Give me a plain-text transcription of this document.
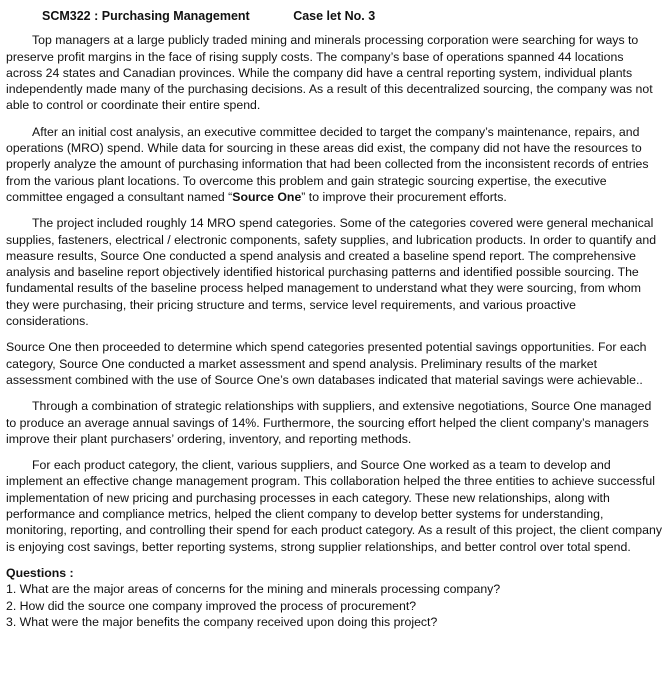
SCM322 : Purchasing Management	Case let No. 3

Top managers at a large publicly traded mining and minerals processing corporation were searching for ways to preserve profit margins in the face of rising supply costs. The company’s base of operations spanned 44 locations across 24 states and Canadian provinces. While the company did have a central reporting system, individual plants independently made many of the purchasing decisions. As a result of this decentralized sourcing, the company was not able to control or coordinate their entire spend.

After an initial cost analysis, an executive committee decided to target the company’s maintenance, repairs, and operations (MRO) spend. While data for sourcing in these areas did exist, the company did not have the resources to properly analyze the amount of purchasing information that had been collected from the inconsistent records of entries from the various plant locations. To overcome this problem and gain strategic sourcing expertise, the executive committee engaged a consultant named “Source One” to improve their procurement efforts.

The project included roughly 14 MRO spend categories. Some of the categories covered were general mechanical supplies, fasteners, electrical / electronic components, safety supplies, and lubrication products. In order to quantify and measure results, Source One conducted a spend analysis and created a baseline spend report. The comprehensive analysis and baseline report objectively identified historical purchasing patterns and identified possible sourcing. The fundamental results of the baseline process helped management to understand what they were sourcing, from whom they were purchasing, their pricing structure and terms, service level requirements, and various proactive considerations.

Source One then proceeded to determine which spend categories presented potential savings opportunities. For each category, Source One conducted a market assessment and spend analysis. Preliminary results of the market assessment combined with the use of Source One’s own databases indicated that material savings were achievable..

Through a combination of strategic relationships with suppliers, and extensive negotiations, Source One managed to produce an average annual savings of 14%. Furthermore, the sourcing effort helped the client company’s managers improve their plant purchasers’ ordering, inventory, and reporting methods.

For each product category, the client, various suppliers, and Source One worked as a team to develop and implement an effective change management program. This collaboration helped the three entities to achieve successful implementation of new pricing and purchasing processes in each category. These new relationships, along with performance and compliance metrics, helped the client company to develop better systems for understanding, monitoring, reporting, and controlling their spend for each product category. As a result of this project, the client company is enjoying cost savings, better reporting systems, strong supplier relationships, and better control over total spend.

Questions :
1. What are the major areas of concerns for the mining and minerals processing company?
2. How did the source one company improved the process of procurement?
3. What were the major benefits the company received upon doing this project?
